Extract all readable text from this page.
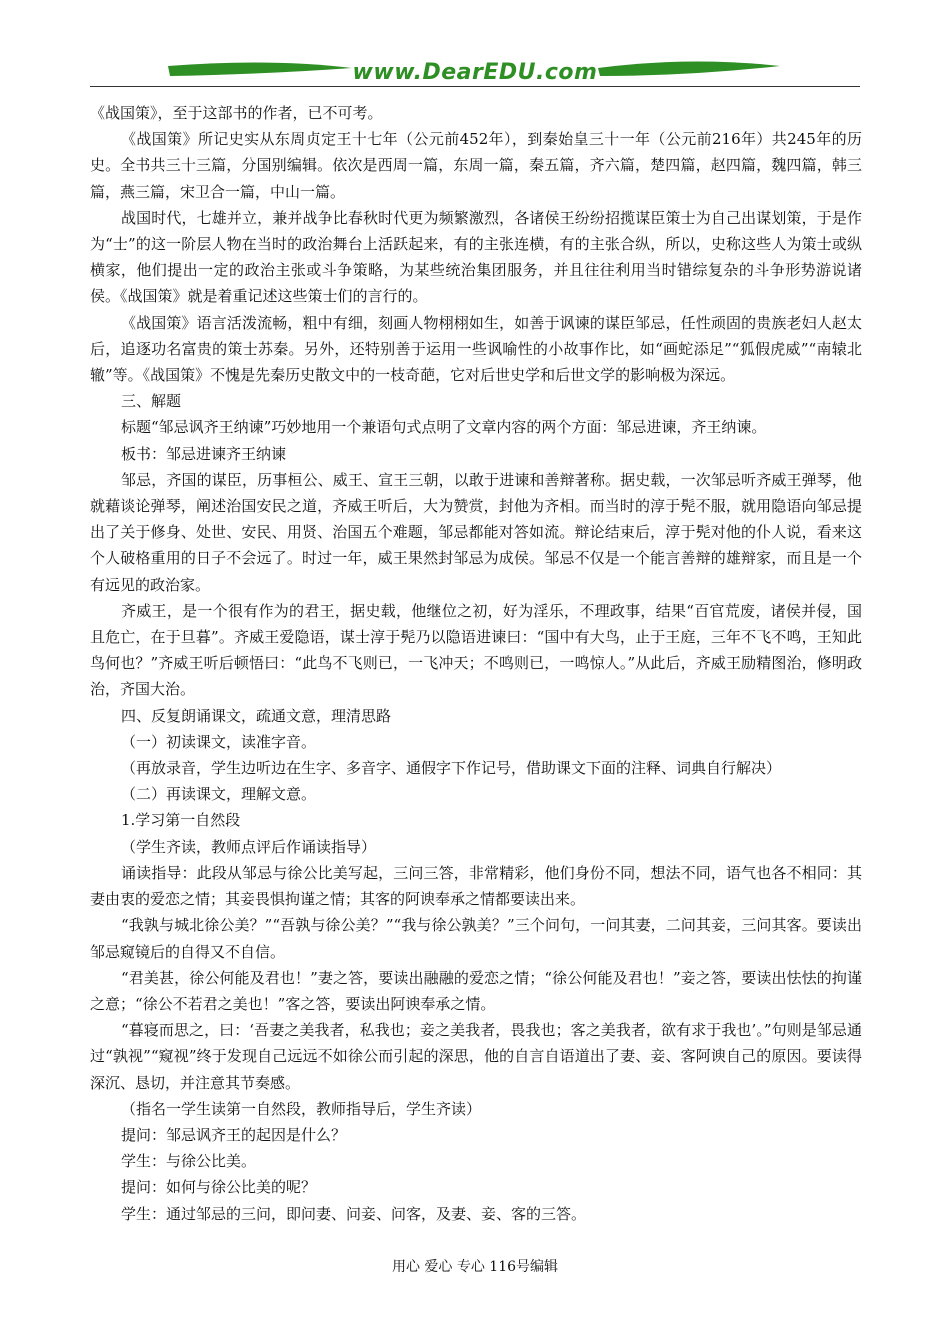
www.DearEDU.com

《战国策》，至于这部书的作者，已不可考。

《战国策》所记史实从东周贞定王十七年（公元前452年），到秦始皇三十一年（公元前216年）共245年的历史。全书共三十三篇，分国别编辑。依次是西周一篇，东周一篇，秦五篇，齐六篇，楚四篇，赵四篇，魏四篇，韩三篇，燕三篇，宋卫合一篇，中山一篇。

战国时代，七雄并立，兼并战争比春秋时代更为频繁激烈，各诸侯王纷纷招揽谋臣策士为自己出谋划策，于是作为“士”的这一阶层人物在当时的政治舞台上活跃起来，有的主张连横，有的主张合纵，所以，史称这些人为策士或纵横家，他们提出一定的政治主张或斗争策略，为某些统治集团服务，并且往往利用当时错综复杂的斗争形势游说诸侯。《战国策》就是着重记述这些策士们的言行的。

《战国策》语言活泼流畅，粗中有细，刻画人物栩栩如生，如善于讽谏的谋臣邹忌，任性顽固的贵族老妇人赵太后，追逐功名富贵的策士苏秦。另外，还特别善于运用一些讽喻性的小故事作比，如“画蛇添足”“狐假虎威”“南辕北辙”等。《战国策》不愧是先秦历史散文中的一枝奇葩，它对后世史学和后世文学的影响极为深远。

三、解题

标题“邹忌讽齐王纳谏”巧妙地用一个兼语句式点明了文章内容的两个方面：邹忌进谏，齐王纳谏。

板书：邹忌进谏齐王纳谏

邹忌，齐国的谋臣，历事桓公、威王、宣王三朝，以敢于进谏和善辩著称。据史载，一次邹忌听齐威王弹琴，他就藉谈论弹琴，阐述治国安民之道，齐威王听后，大为赞赏，封他为齐相。而当时的淳于髡不服，就用隐语向邹忌提出了关于修身、处世、安民、用贤、治国五个难题，邹忌都能对答如流。辩论结束后，淳于髡对他的仆人说，看来这个人破格重用的日子不会远了。时过一年，威王果然封邹忌为成侯。邹忌不仅是一个能言善辩的雄辩家，而且是一个有远见的政治家。

齐威王，是一个很有作为的君王，据史载，他继位之初，好为淫乐，不理政事，结果“百官荒废，诸侯并侵，国且危亡，在于旦暮”。齐威王爱隐语，谋士淳于髡乃以隐语进谏曰：“国中有大鸟，止于王庭，三年不飞不鸣，王知此鸟何也？”齐威王听后顿悟曰：“此鸟不飞则已，一飞冲天；不鸣则已，一鸣惊人。”从此后，齐威王励精图治，修明政治，齐国大治。

四、反复朗诵课文，疏通文意，理清思路

（一）初读课文，读准字音。

（再放录音，学生边听边在生字、多音字、通假字下作记号，借助课文下面的注释、词典自行解决）

（二）再读课文，理解文意。

1.学习第一自然段

（学生齐读，教师点评后作诵读指导）

诵读指导：此段从邹忌与徐公比美写起，三问三答，非常精彩，他们身份不同，想法不同，语气也各不相同：其妻由衷的爱恋之情；其妾畏惧拘谨之情；其客的阿谀奉承之情都要读出来。

“我孰与城北徐公美？”“吾孰与徐公美？”“我与徐公孰美？”三个问句，一问其妻，二问其妾，三问其客。要读出邹忌窥镜后的自得又不自信。

“君美甚，徐公何能及君也！”妻之答，要读出融融的爱恋之情；“徐公何能及君也！”妾之答，要读出怯怯的拘谨之意；“徐公不若君之美也！”客之答，要读出阿谀奉承之情。

“暮寝而思之，曰：‘吾妻之美我者，私我也；妾之美我者，畏我也；客之美我者，欲有求于我也’。”句则是邹忌通过“孰视”“窥视”终于发现自己远远不如徐公而引起的深思，他的自言自语道出了妻、妾、客阿谀自己的原因。要读得深沉、恳切，并注意其节奏感。

（指名一学生读第一自然段，教师指导后，学生齐读）

提问：邹忌讽齐王的起因是什么？

学生：与徐公比美。

提问：如何与徐公比美的呢？

学生：通过邹忌的三问，即问妻、问妾、问客，及妻、妾、客的三答。

用心 爱心 专心 116号编辑
